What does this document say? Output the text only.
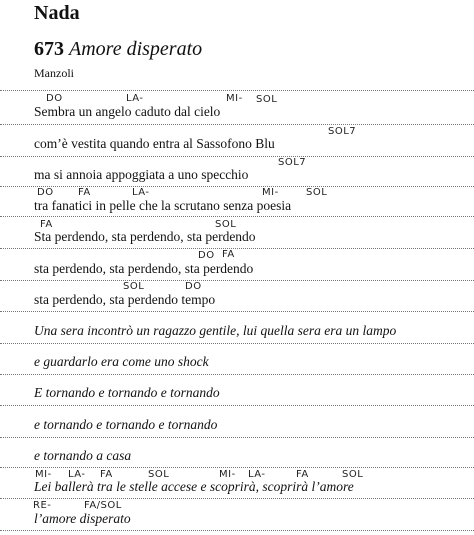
Nada
673 Amore disperato
Manzoli
Sembra un angelo caduto dal cielo
com’è vestita quando entra al Sassofono Blu
ma si annoia appoggiata a uno specchio
tra fanatici in pelle che la scrutano senza poesia
Sta perdendo, sta perdendo, sta perdendo
sta perdendo, sta perdendo, sta perdendo
sta perdendo, sta perdendo tempo
Una sera incontrò un ragazzo gentile, lui quella sera era un lampo
e guardarlo era come uno shock
E tornando e tornando e tornando
e tornando e tornando e tornando
e tornando a casa
Lei ballerà tra le stelle accese e scoprirà, scoprirà l’amore
l’amore disperato
DO	LA-	MI- SOL
SOL7
SOL7
DO FA	LA-	MI-	SOL
FA	SOL
DO FA
SOL	DO
MI- LA- FA	SOL	MI- LA-	FA	SOL
RE-	FA/SOL
